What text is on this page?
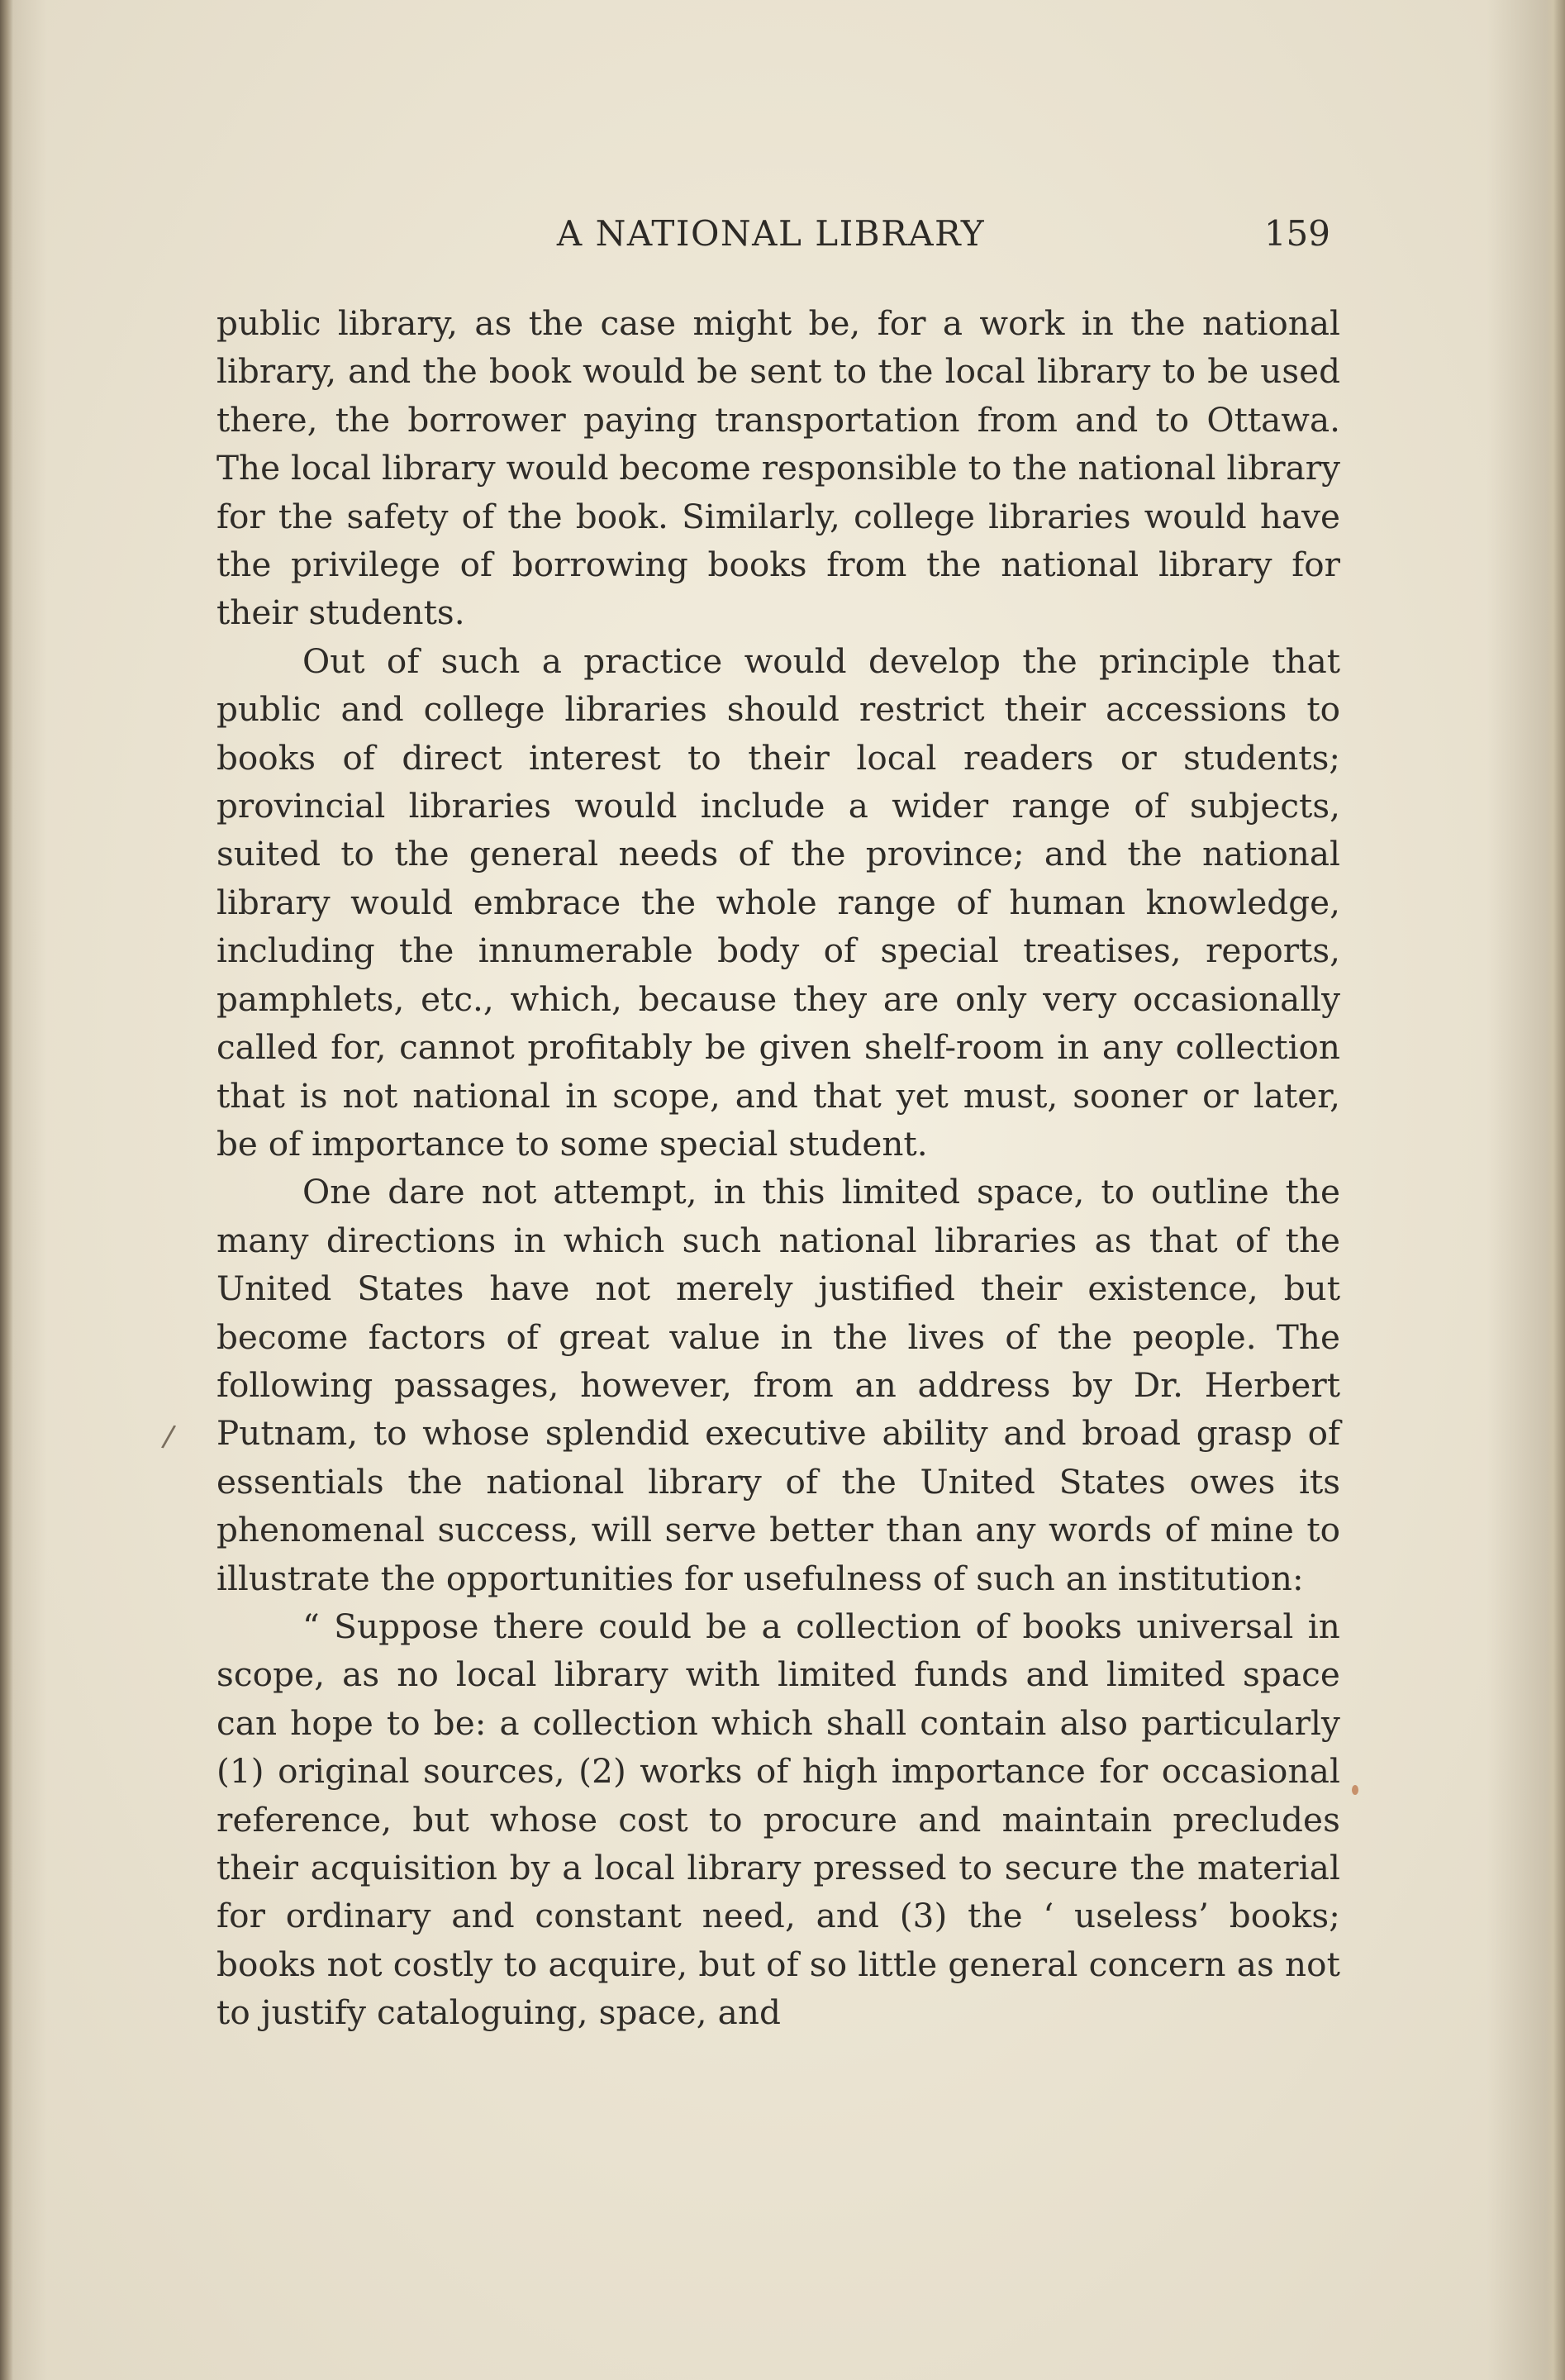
A NATIONAL LIBRARY	159

public library, as the case might be, for a work in the national library, and the book would be sent to the local library to be used there, the borrower paying transportation from and to Ottawa. The local library would become responsible to the national library for the safety of the book. Similarly, college libraries would have the privilege of borrowing books from the national library for their students.

Out of such a practice would develop the principle that public and college libraries should restrict their accessions to books of direct interest to their local readers or students; provincial libraries would include a wider range of subjects, suited to the general needs of the province; and the national library would embrace the whole range of human knowledge, including the innumerable body of special treatises, reports, pamphlets, etc., which, because they are only very occasionally called for, cannot profitably be given shelf-room in any collection that is not national in scope, and that yet must, sooner or later, be of importance to some special student.

One dare not attempt, in this limited space, to outline the many directions in which such national libraries as that of the United States have not merely justified their existence, but become factors of great value in the lives of the people. The following passages, however, from an address by Dr. Herbert Putnam, to whose splendid executive ability and broad grasp of essentials the national library of the United States owes its phenomenal success, will serve better than any words of mine to illustrate the opportunities for usefulness of such an institution:

“ Suppose there could be a collection of books universal in scope, as no local library with limited funds and limited space can hope to be: a collection which shall contain also particularly (1) original sources, (2) works of high importance for occasional reference, but whose cost to procure and maintain precludes their acquisition by a local library pressed to secure the material for ordinary and constant need, and (3) the ‘ useless’ books; books not costly to acquire, but of so little general concern as not to justify cataloguing, space, and

/
